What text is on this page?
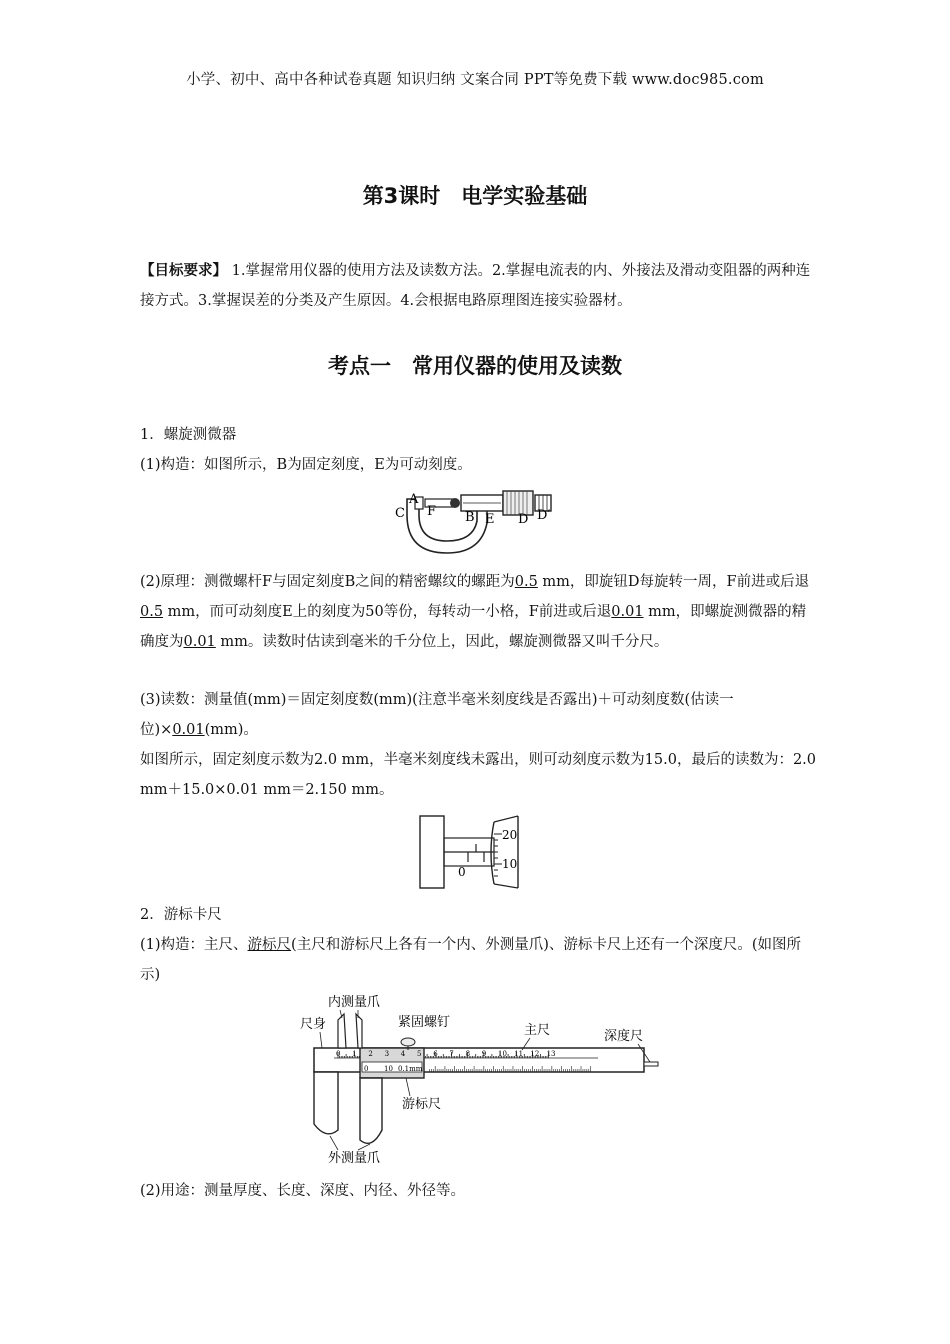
小学、初中、高中各种试卷真题 知识归纳 文案合同 PPT等免费下载 www.doc985.com
第3课时　电学实验基础
【目标要求】 1.掌握常用仪器的使用方法及读数方法。2.掌握电流表的内、外接法及滑动变阻器的两种连接方式。3.掌握误差的分类及产生原因。4.会根据电路原理图连接实验器材。
考点一　常用仪器的使用及读数

1．螺旋测微器

(1)构造：如图所示，B为固定刻度，E为可动刻度。

A
C F B E D D′

(2)原理：测微螺杆F与固定刻度B之间的精密螺纹的螺距为0.5 mm，即旋钮D每旋转一周，F前进或后退0.5 mm，而可动刻度E上的刻度为50等份，每转动一小格，F前进或后退0.01 mm，即螺旋测微器的精确度为0.01 mm。读数时估读到毫米的千分位上，因此，螺旋测微器又叫千分尺。

(3)读数：测量值(mm)＝固定刻度数(mm)(注意半毫米刻度线是否露出)＋可动刻度数(估读一位)×0.01(mm)。

如图所示，固定刻度示数为2.0 mm，半毫米刻度线未露出，则可动刻度示数为15.0，最后的读数为：2.0 mm＋15.0×0.01 mm＝2.150 mm。

0
20
10

2．游标卡尺

(1)构造：主尺、游标尺(主尺和游标尺上各有一个内、外测量爪)、游标卡尺上还有一个深度尺。(如图所示)

0 1 2 3 4 5 6 7 8 9 10 11 12 13
0 10 0.1mm
内测量爪
尺身	紧固螺钉
主尺	深度尺
游标尺
外测量爪

(2)用途：测量厚度、长度、深度、内径、外径等。
